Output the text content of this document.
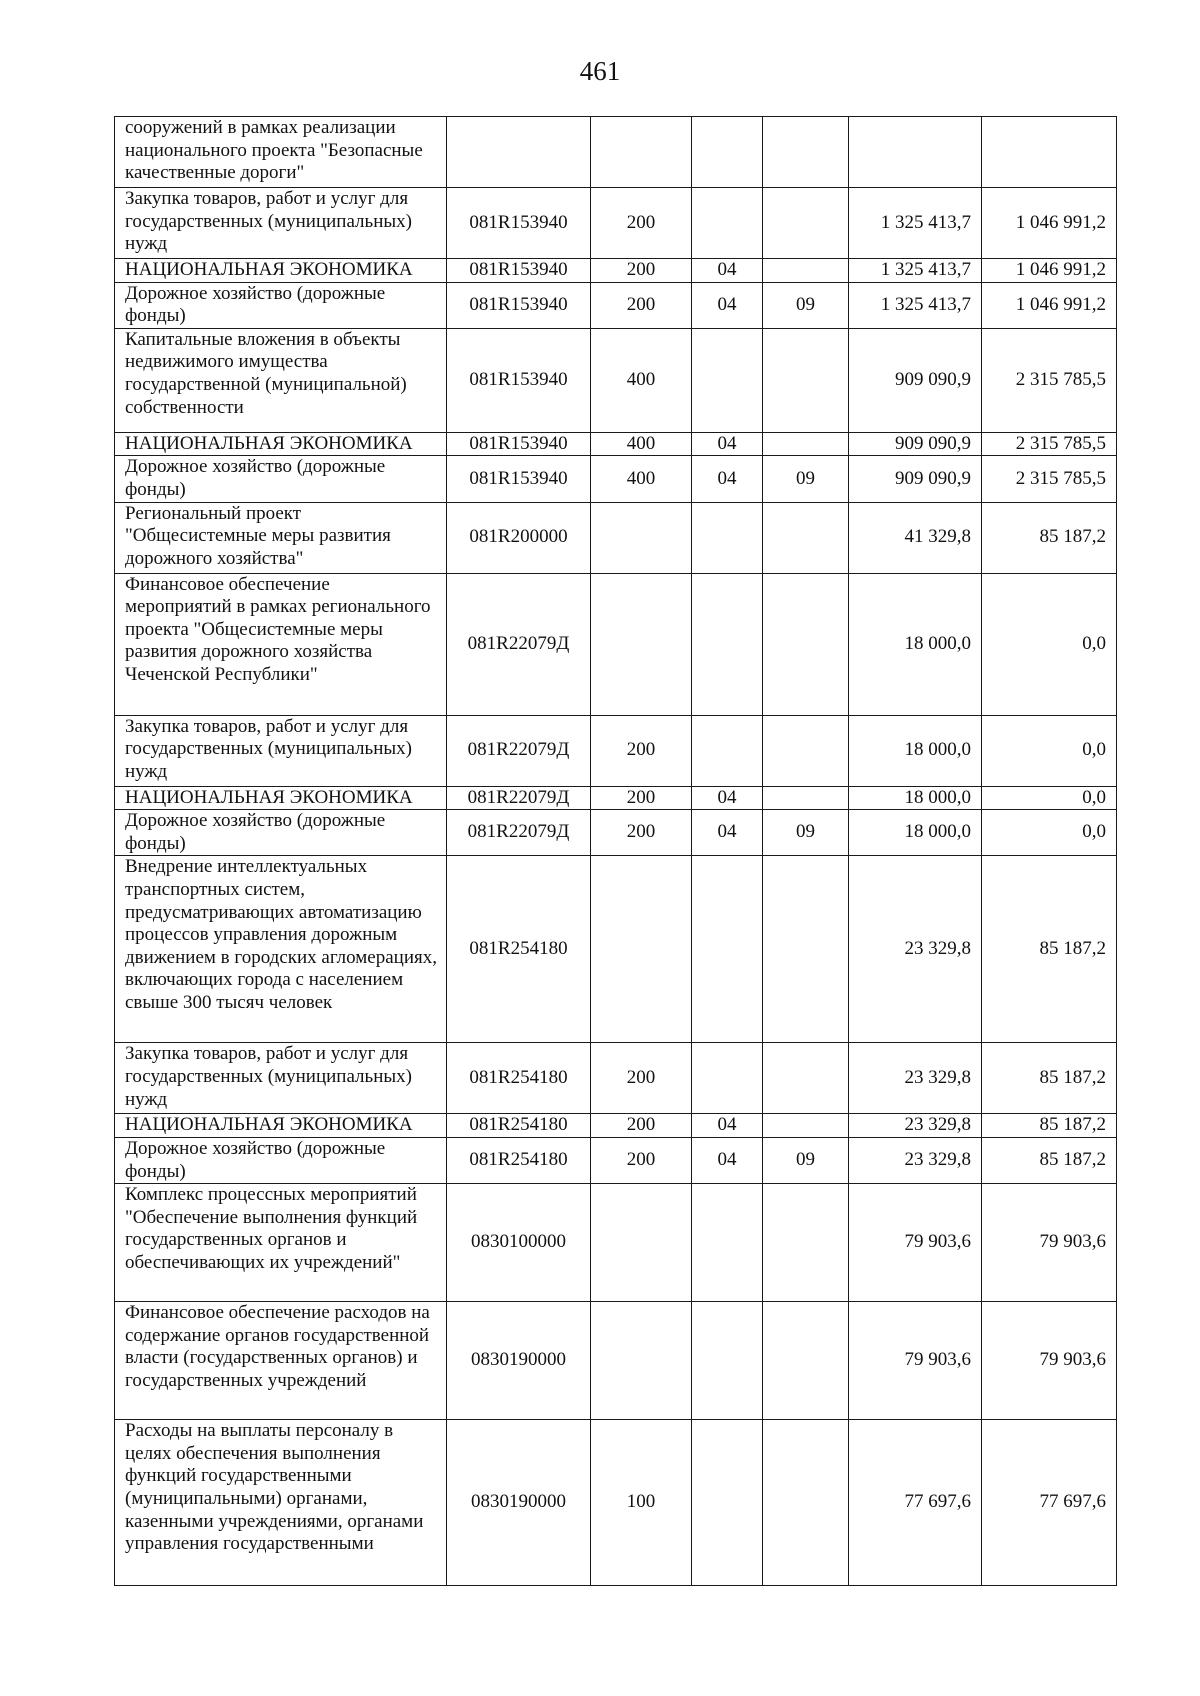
461
сооружений в рамках реализации национального проекта "Безопасные качественные дороги"						
Закупка товаров, работ и услуг для государственных (муниципальных) нужд	081R153940	200			1 325 413,7	1 046 991,2
НАЦИОНАЛЬНАЯ ЭКОНОМИКА	081R153940	200	04		1 325 413,7	1 046 991,2
Дорожное хозяйство (дорожные фонды)	081R153940	200	04	09	1 325 413,7	1 046 991,2
Капитальные вложения в объекты недвижимого имущества государственной (муниципальной) собственности	081R153940	400			909 090,9	2 315 785,5
НАЦИОНАЛЬНАЯ ЭКОНОМИКА	081R153940	400	04		909 090,9	2 315 785,5
Дорожное хозяйство (дорожные фонды)	081R153940	400	04	09	909 090,9	2 315 785,5
Региональный проект "Общесистемные меры развития дорожного хозяйства"	081R200000				41 329,8	85 187,2
Финансовое обеспечение мероприятий в рамках регионального проекта "Общесистемные меры развития дорожного хозяйства Чеченской Республики"	081R22079Д				18 000,0	0,0
Закупка товаров, работ и услуг для государственных (муниципальных) нужд	081R22079Д	200			18 000,0	0,0
НАЦИОНАЛЬНАЯ ЭКОНОМИКА	081R22079Д	200	04		18 000,0	0,0
Дорожное хозяйство (дорожные фонды)	081R22079Д	200	04	09	18 000,0	0,0
Внедрение интеллектуальных транспортных систем, предусматривающих автоматизацию процессов управления дорожным движением в городских агломерациях, включающих города с населением свыше 300 тысяч человек	081R254180				23 329,8	85 187,2
Закупка товаров, работ и услуг для государственных (муниципальных) нужд	081R254180	200			23 329,8	85 187,2
НАЦИОНАЛЬНАЯ ЭКОНОМИКА	081R254180	200	04		23 329,8	85 187,2
Дорожное хозяйство (дорожные фонды)	081R254180	200	04	09	23 329,8	85 187,2
Комплекс процессных мероприятий "Обеспечение выполнения функций государственных органов и обеспечивающих их учреждений"	0830100000				79 903,6	79 903,6
Финансовое обеспечение расходов на содержание органов государственной власти (государственных органов) и государственных учреждений	0830190000				79 903,6	79 903,6
Расходы на выплаты персоналу в целях обеспечения выполнения функций государственными (муниципальными) органами, казенными учреждениями, органами управления государственными	0830190000	100			77 697,6	77 697,6
